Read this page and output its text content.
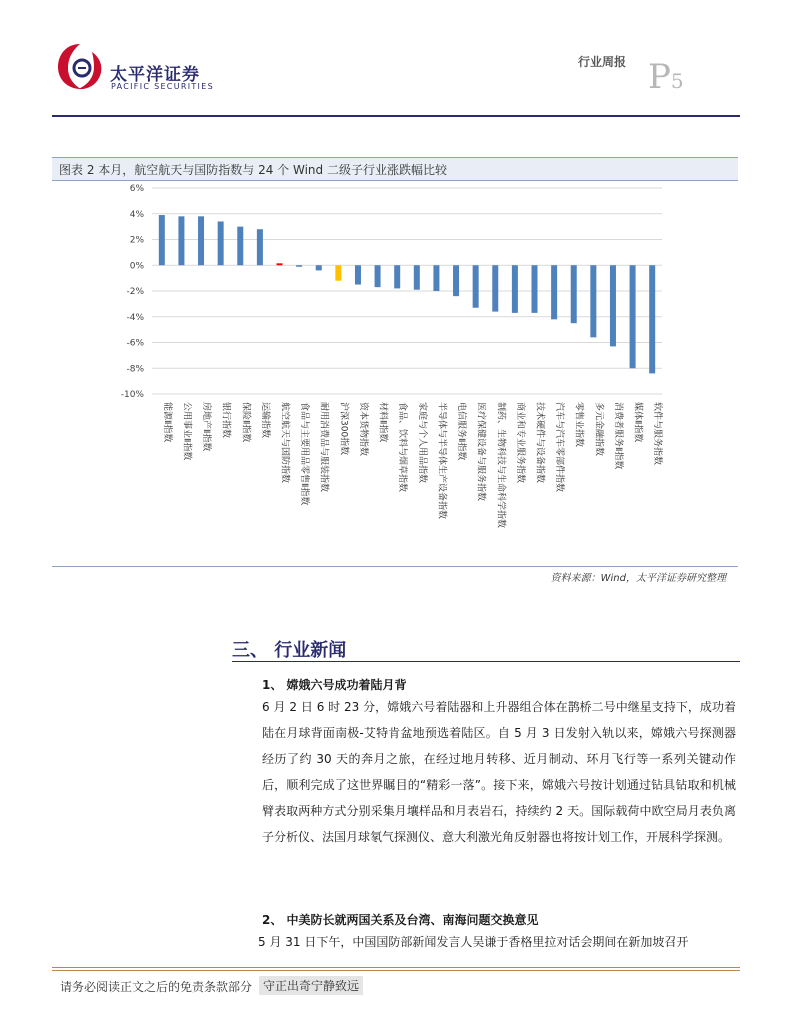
太平洋证券
PACIFIC SECURITIES
行业周报 P5
图表 2 本月，航空航天与国防指数与 24 个 Wind 二级子行业涨跌幅比较
6%
4%
2%
0%
-2%
-4%
-6%
-8%
-10%
能源Ⅱ指数 公用事业Ⅱ指数 房地产Ⅱ指数 银行指数 保险Ⅱ指数 运输指数 航空航天与国防指数 食品与主要用品零售Ⅱ指数 耐用消费品与服装指数 沪深300指数 资本货物指数 材料Ⅱ指数 食品、饮料与烟草指数 家庭与个人用品指数 半导体与半导体生产设备指数 电信服务Ⅱ指数 医疗保健设备与服务指数 制药、生物科技与生命科学指数 商业和专业服务指数 技术硬件与设备指数 汽车与汽车零部件指数 零售业指数 多元金融指数 消费者服务Ⅱ指数 媒体Ⅱ指数 软件与服务指数
资料来源：Wind，太平洋证券研究整理
三、 行业新闻
1、 嫦娥六号成功着陆月背
6 月 2 日 6 时 23 分，嫦娥六号着陆器和上升器组合体在鹊桥二号中继星支持下，成功着陆在月球背面南极-艾特肯盆地预选着陆区。自 5 月 3 日发射入轨以来，嫦娥六号探测器经历了约 30 天的奔月之旅，在经过地月转移、近月制动、环月飞行等一系列关键动作后，顺利完成了这世界瞩目的“精彩一落”。接下来，嫦娥六号按计划通过钻具钻取和机械臂表取两种方式分别采集月壤样品和月表岩石，持续约 2 天。国际载荷中欧空局月表负离子分析仪、法国月球氡气探测仪、意大利激光角反射器也将按计划工作，开展科学探测。
2、 中美防长就两国关系及台湾、南海问题交换意见
5 月 31 日下午，中国国防部新闻发言人吴谦于香格里拉对话会期间在新加坡召开
请务必阅读正文之后的免责条款部分 守正出奇宁静致远
